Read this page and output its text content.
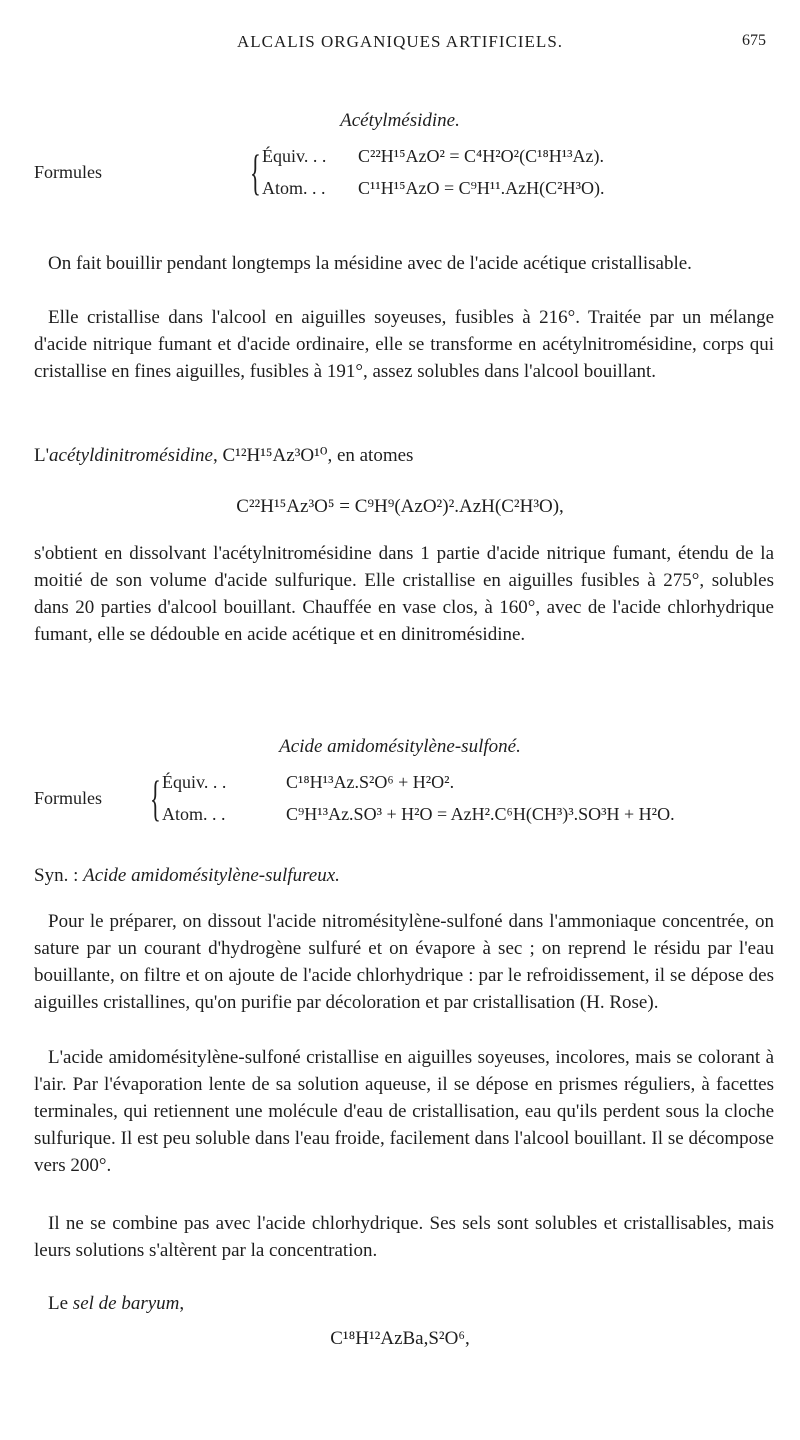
ALCALIS ORGANIQUES ARTIFICIELS.	675
Acétylmésidine.
Formules	{ Équiv. . . C²²H¹⁵AzO² = C⁴H²O²(C¹⁸H¹³Az).
Atom. . . C¹¹H¹⁵AzO = C⁹H¹¹.AzH(C²H³O).

On fait bouillir pendant longtemps la mésidine avec de l'acide acétique cristallisable.

Elle cristallise dans l'alcool en aiguilles soyeuses, fusibles à 216°. Traitée par un mélange d'acide nitrique fumant et d'acide ordinaire, elle se transforme en acétylnitromésidine, corps qui cristallise en fines aiguilles, fusibles à 191°, assez solubles dans l'alcool bouillant.

L'acétyldinitromésidine, C¹²H¹⁵Az³O¹⁰, en atomes

C²²H¹⁵Az³O⁵ = C⁹H⁹(AzO²)².AzH(C²H³O),

s'obtient en dissolvant l'acétylnitromésidine dans 1 partie d'acide nitrique fumant, étendu de la moitié de son volume d'acide sulfurique. Elle cristallise en aiguilles fusibles à 275°, solubles dans 20 parties d'alcool bouillant. Chauffée en vase clos, à 160°, avec de l'acide chlorhydrique fumant, elle se dédouble en acide acétique et en dinitromésidine.

Acide amidomésitylène-sulfoné.
Formules { Équiv. . .	C¹⁸H¹³Az.S²O⁶ + H²O².
Atom. . .	C⁹H¹³Az.SO³ + H²O = AzH².C⁶H(CH³)³.SO³H + H²O.

Syn. : Acide amidomésitylène-sulfureux.

Pour le préparer, on dissout l'acide nitromésitylène-sulfoné dans l'ammoniaque concentrée, on sature par un courant d'hydrogène sulfuré et on évapore à sec ; on reprend le résidu par l'eau bouillante, on filtre et on ajoute de l'acide chlorhydrique : par le refroidissement, il se dépose des aiguilles cristallines, qu'on purifie par décoloration et par cristallisation (H. Rose).

L'acide amidomésitylène-sulfoné cristallise en aiguilles soyeuses, incolores, mais se colorant à l'air. Par l'évaporation lente de sa solution aqueuse, il se dépose en prismes réguliers, à facettes terminales, qui retiennent une molécule d'eau de cristallisation, eau qu'ils perdent sous la cloche sulfurique. Il est peu soluble dans l'eau froide, facilement dans l'alcool bouillant. Il se décompose vers 200°.

Il ne se combine pas avec l'acide chlorhydrique. Ses sels sont solubles et cristallisables, mais leurs solutions s'altèrent par la concentration.

Le sel de baryum,

C¹⁸H¹²AzBa,S²O⁶,
